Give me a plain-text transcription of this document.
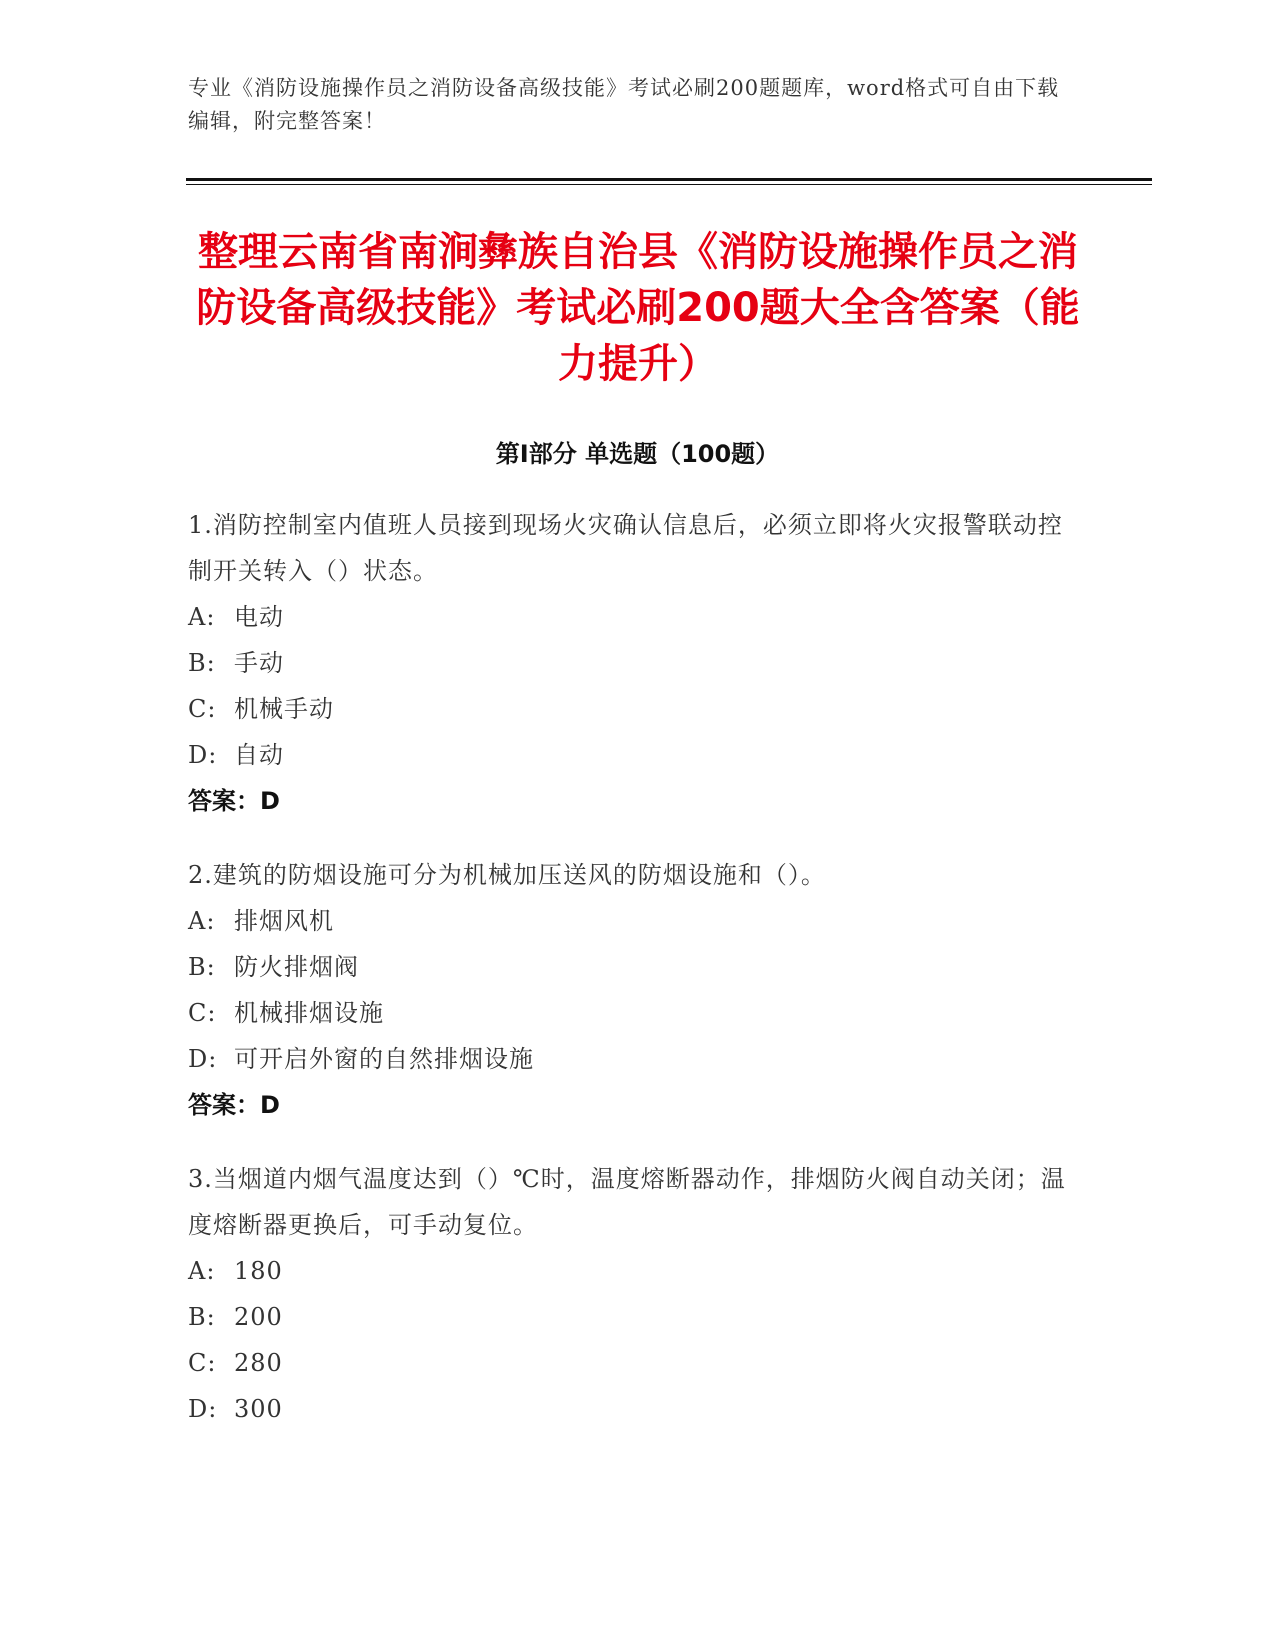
专业《消防设施操作员之消防设备高级技能》考试必刷200题题库，word格式可自由下载编辑，附完整答案！
整理云南省南涧彝族自治县《消防设施操作员之消防设备高级技能》考试必刷200题大全含答案（能力提升）
第Ⅰ部分 单选题（100题）

1.消防控制室内值班人员接到现场火灾确认信息后，必须立即将火灾报警联动控制开关转入（）状态。

A: 电动

B: 手动

C: 机械手动

D: 自动

答案：D

2.建筑的防烟设施可分为机械加压送风的防烟设施和（）。

A: 排烟风机

B: 防火排烟阀

C: 机械排烟设施

D: 可开启外窗的自然排烟设施

答案：D

3.当烟道内烟气温度达到（）℃时，温度熔断器动作，排烟防火阀自动关闭；温度熔断器更换后，可手动复位。

A: 180

B: 200

C: 280

D: 300
